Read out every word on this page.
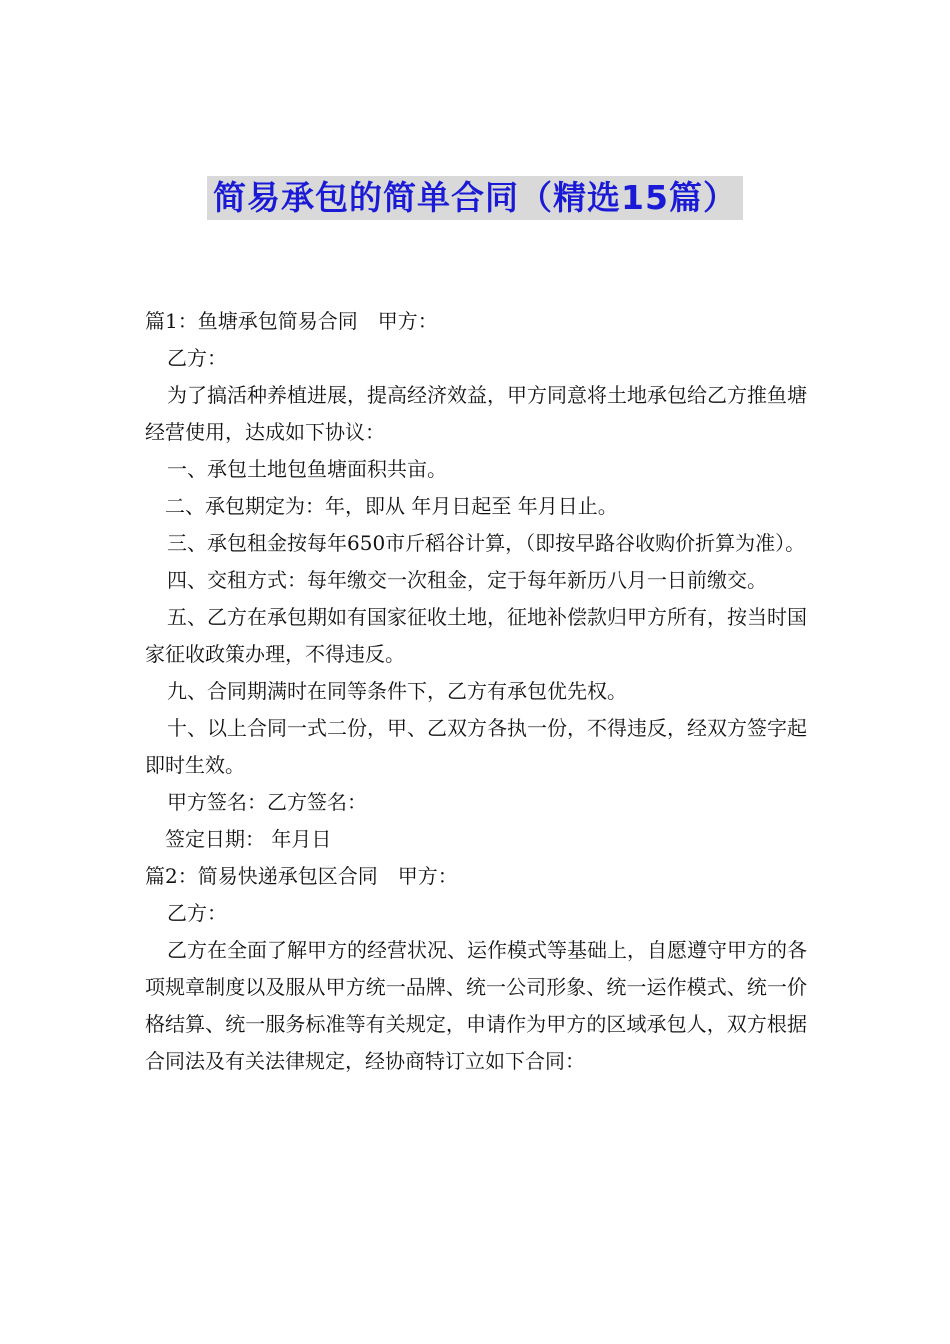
简易承包的简单合同（精选15篇）

篇1：鱼塘承包简易合同　甲方：

乙方：

为了搞活种养植进展，提高经济效益，甲方同意将土地承包给乙方推鱼塘经营使用，达成如下协议：

一、承包土地包鱼塘面积共亩。

二、承包期定为：年，即从 年月日起至 年月日止。

三、承包租金按每年650市斤稻谷计算，（即按早路谷收购价折算为准）。

四、交租方式：每年缴交一次租金，定于每年新历八月一日前缴交。

五、乙方在承包期如有国家征收土地，征地补偿款归甲方所有，按当时国家征收政策办理，不得违反。

九、合同期满时在同等条件下，乙方有承包优先权。

十、以上合同一式二份，甲、乙双方各执一份，不得违反，经双方签字起即时生效。

甲方签名：乙方签名：

签定日期： 年月日

篇2：简易快递承包区合同　甲方：

乙方：

乙方在全面了解甲方的经营状况、运作模式等基础上，自愿遵守甲方的各项规章制度以及服从甲方统一品牌、统一公司形象、统一运作模式、统一价格结算、统一服务标准等有关规定，申请作为甲方的区域承包人，双方根据合同法及有关法律规定，经协商特订立如下合同：
